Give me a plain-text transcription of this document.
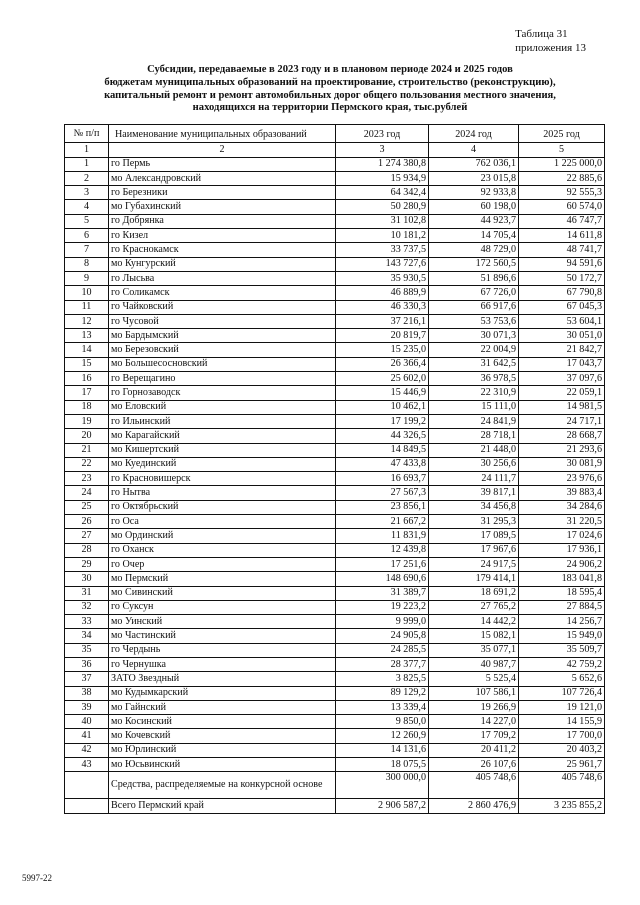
Таблица 31
приложения 13
Субсидии, передаваемые в 2023 году и в плановом периоде 2024 и 2025 годов
бюджетам муниципальных образований на проектирование, строительство (реконструкцию),
капитальный ремонт и ремонт автомобильных дорог общего пользования местного значения,
находящихся на территории Пермского края, тыс.рублей
№ п/п	Наименование муниципальных образований	2023 год	2024 год	2025 год
1	2	3	4	5
1	го Пермь	1 274 380,8	762 036,1	1 225 000,0
2	мо Александровский	15 934,9	23 015,8	22 885,6
3	го Березники	64 342,4	92 933,8	92 555,3
4	мо Губахинский	50 280,9	60 198,0	60 574,0
5	го Добрянка	31 102,8	44 923,7	46 747,7
6	го Кизел	10 181,2	14 705,4	14 611,8
7	го Краснокамск	33 737,5	48 729,0	48 741,7
8	мо Кунгурский	143 727,6	172 560,5	94 591,6
9	го Лысьва	35 930,5	51 896,6	50 172,7
10	го Соликамск	46 889,9	67 726,0	67 790,8
11	го Чайковский	46 330,3	66 917,6	67 045,3
12	го Чусовой	37 216,1	53 753,6	53 604,1
13	мо Бардымский	20 819,7	30 071,3	30 051,0
14	мо Березовский	15 235,0	22 004,9	21 842,7
15	мо Большесосновский	26 366,4	31 642,5	17 043,7
16	го Верещагино	25 602,0	36 978,5	37 097,6
17	го Горнозаводск	15 446,9	22 310,9	22 059,1
18	мо Еловский	10 462,1	15 111,0	14 981,5
19	го Ильинский	17 199,2	24 841,9	24 717,1
20	мо Карагайский	44 326,5	28 718,1	28 668,7
21	мо Кишертский	14 849,5	21 448,0	21 293,6
22	мо Куединский	47 433,8	30 256,6	30 081,9
23	го Красновишерск	16 693,7	24 111,7	23 976,6
24	го Нытва	27 567,3	39 817,1	39 883,4
25	го Октябрьский	23 856,1	34 456,8	34 284,6
26	го Оса	21 667,2	31 295,3	31 220,5
27	мо Ординский	11 831,9	17 089,5	17 024,6
28	го Оханск	12 439,8	17 967,6	17 936,1
29	го Очер	17 251,6	24 917,5	24 906,2
30	мо Пермский	148 690,6	179 414,1	183 041,8
31	мо Сивинский	31 389,7	18 691,2	18 595,4
32	го Суксун	19 223,2	27 765,2	27 884,5
33	мо Уинский	9 999,0	14 442,2	14 256,7
34	мо Частинский	24 905,8	15 082,1	15 949,0
35	го Чердынь	24 285,5	35 077,1	35 509,7
36	го Чернушка	28 377,7	40 987,7	42 759,2
37	ЗАТО Звездный	3 825,5	5 525,4	5 652,6
38	мо Кудымкарский	89 129,2	107 586,1	107 726,4
39	мо Гайнский	13 339,4	19 266,9	19 121,0
40	мо Косинский	9 850,0	14 227,0	14 155,9
41	мо Кочевский	12 260,9	17 709,2	17 700,0
42	мо Юрлинский	14 131,6	20 411,2	20 403,2
43	мо Юсьвинский	18 075,5	26 107,6	25 961,7
	Средства, распределяемые на конкурсной основе	300 000,0	405 748,6	405 748,6
	Всего Пермский край	2 906 587,2	2 860 476,9	3 235 855,2
5997-22
